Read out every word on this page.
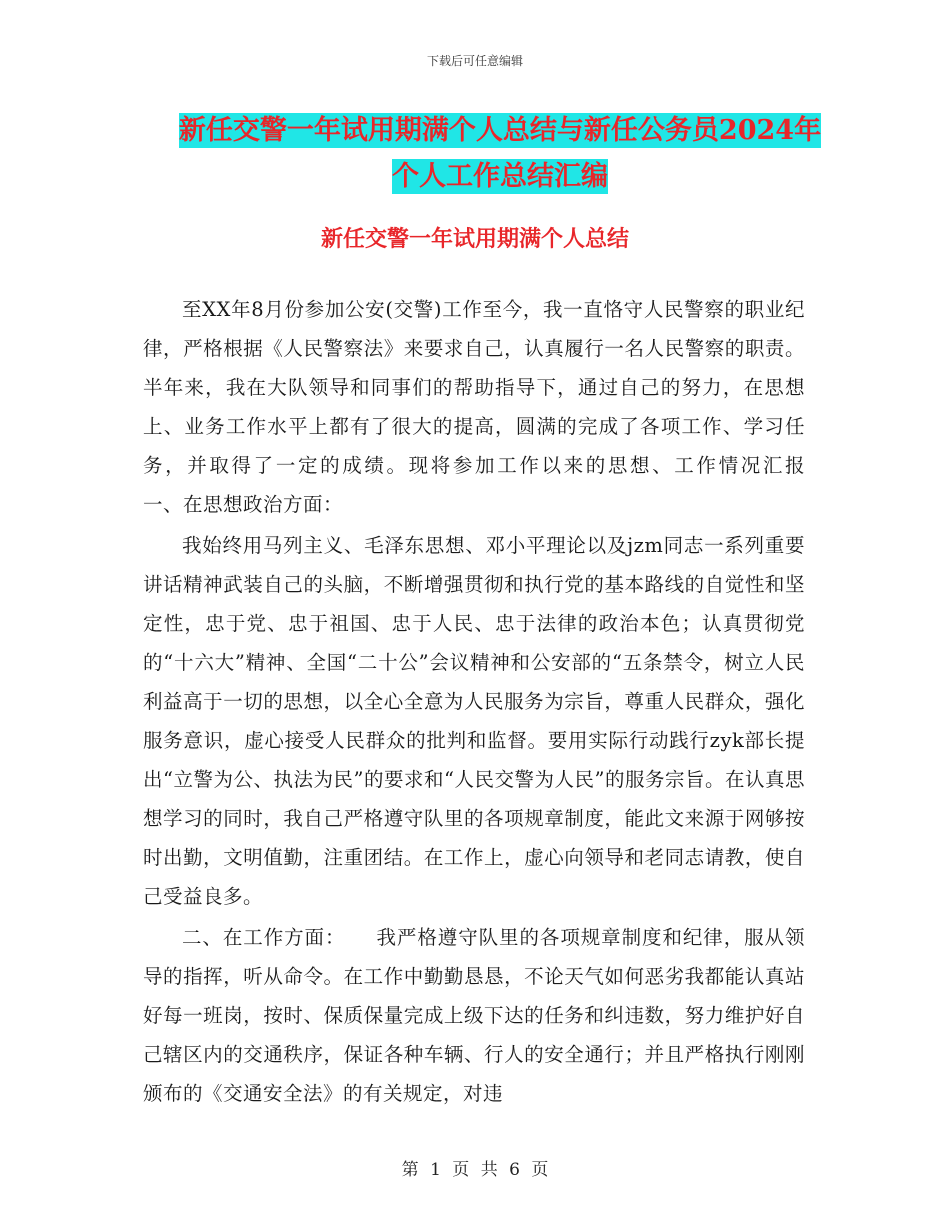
下载后可任意编辑
新任交警一年试用期满个人总结与新任公务员2024年
个人工作总结汇编
新任交警一年试用期满个人总结

至XX年8月份参加公安(交警)工作至今，我一直恪守人民警察的职业纪律，严格根据《人民警察法》来要求自己，认真履行一名人民警察的职责。半年来，我在大队领导和同事们的帮助指导下，通过自己的努力，在思想上、业务工作水平上都有了很大的提高，圆满的完成了各项工作、学习任务，并取得了一定的成绩。现将参加工作以来的思想、工作情况汇报　　一、在思想政治方面：

我始终用马列主义、毛泽东思想、邓小平理论以及jzm同志一系列重要讲话精神武装自己的头脑，不断增强贯彻和执行党的基本路线的自觉性和坚定性，忠于党、忠于祖国、忠于人民、忠于法律的政治本色；认真贯彻党的“十六大”精神、全国“二十公”会议精神和公安部的“五条禁令，树立人民利益高于一切的思想，以全心全意为人民服务为宗旨，尊重人民群众，强化服务意识，虚心接受人民群众的批判和监督。要用实际行动践行zyk部长提出“立警为公、执法为民”的要求和“人民交警为人民”的服务宗旨。在认真思想学习的同时，我自己严格遵守队里的各项规章制度，能此文来源于网够按时出勤，文明值勤，注重团结。在工作上，虚心向领导和老同志请教，使自己受益良多。

二、在工作方面：　　我严格遵守队里的各项规章制度和纪律，服从领导的指挥，听从命令。在工作中勤勤恳恳，不论天气如何恶劣我都能认真站好每一班岗，按时、保质保量完成上级下达的任务和纠违数，努力维护好自己辖区内的交通秩序，保证各种车辆、行人的安全通行；并且严格执行刚刚颁布的《交通安全法》的有关规定，对违

第 1 页 共 6 页
